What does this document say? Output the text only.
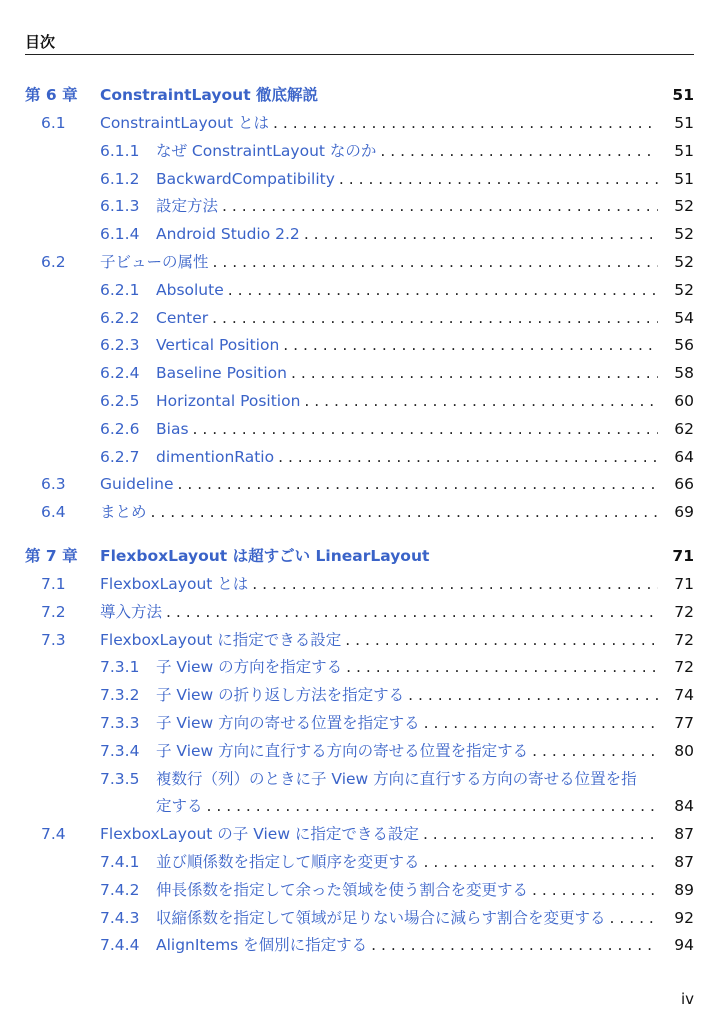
目次
第 6 章 ConstraintLayout 徹底解説	51
6.1 ConstraintLayout とは . . .	51
6.1.1 なぜ ConstraintLayout なのか . . .	51
6.1.2 BackwardCompatibility . . .	51
6.1.3 設定方法 . . .	52
6.1.4 Android Studio 2.2 . . .	52
6.2 子ビューの属性 . . .	52
6.2.1 Absolute . . .	52
6.2.2 Center . . .	54
6.2.3 Vertical Position . . .	56
6.2.4 Baseline Position . . .	58
6.2.5 Horizontal Position . . .	60
6.2.6 Bias . . .	62
6.2.7 dimentionRatio . . .	64
6.3 Guideline . . .	66
6.4 まとめ . . .	69
第 7 章 FlexboxLayout は超すごい LinearLayout	71
7.1 FlexboxLayout とは . . .	71
7.2 導入方法 . . .	72
7.3 FlexboxLayout に指定できる設定 . . .	72
7.3.1 子 View の方向を指定する . . .	72
7.3.2 子 View の折り返し方法を指定する . . .	74
7.3.3 子 View 方向の寄せる位置を指定する . . .	77
7.3.4 子 View 方向に直行する方向の寄せる位置を指定する . . .	80
7.3.5 複数行（列）のときに子 View 方向に直行する方向の寄せる位置を指
定する . . .	84
7.4 FlexboxLayout の子 View に指定できる設定 . . .	87
7.4.1 並び順係数を指定して順序を変更する . . .	87
7.4.2 伸長係数を指定して余った領域を使う割合を変更する . . .	89
7.4.3 収縮係数を指定して領域が足りない場合に減らす割合を変更する . . .	92
7.4.4 AlignItems を個別に指定する . . .	94
iv
